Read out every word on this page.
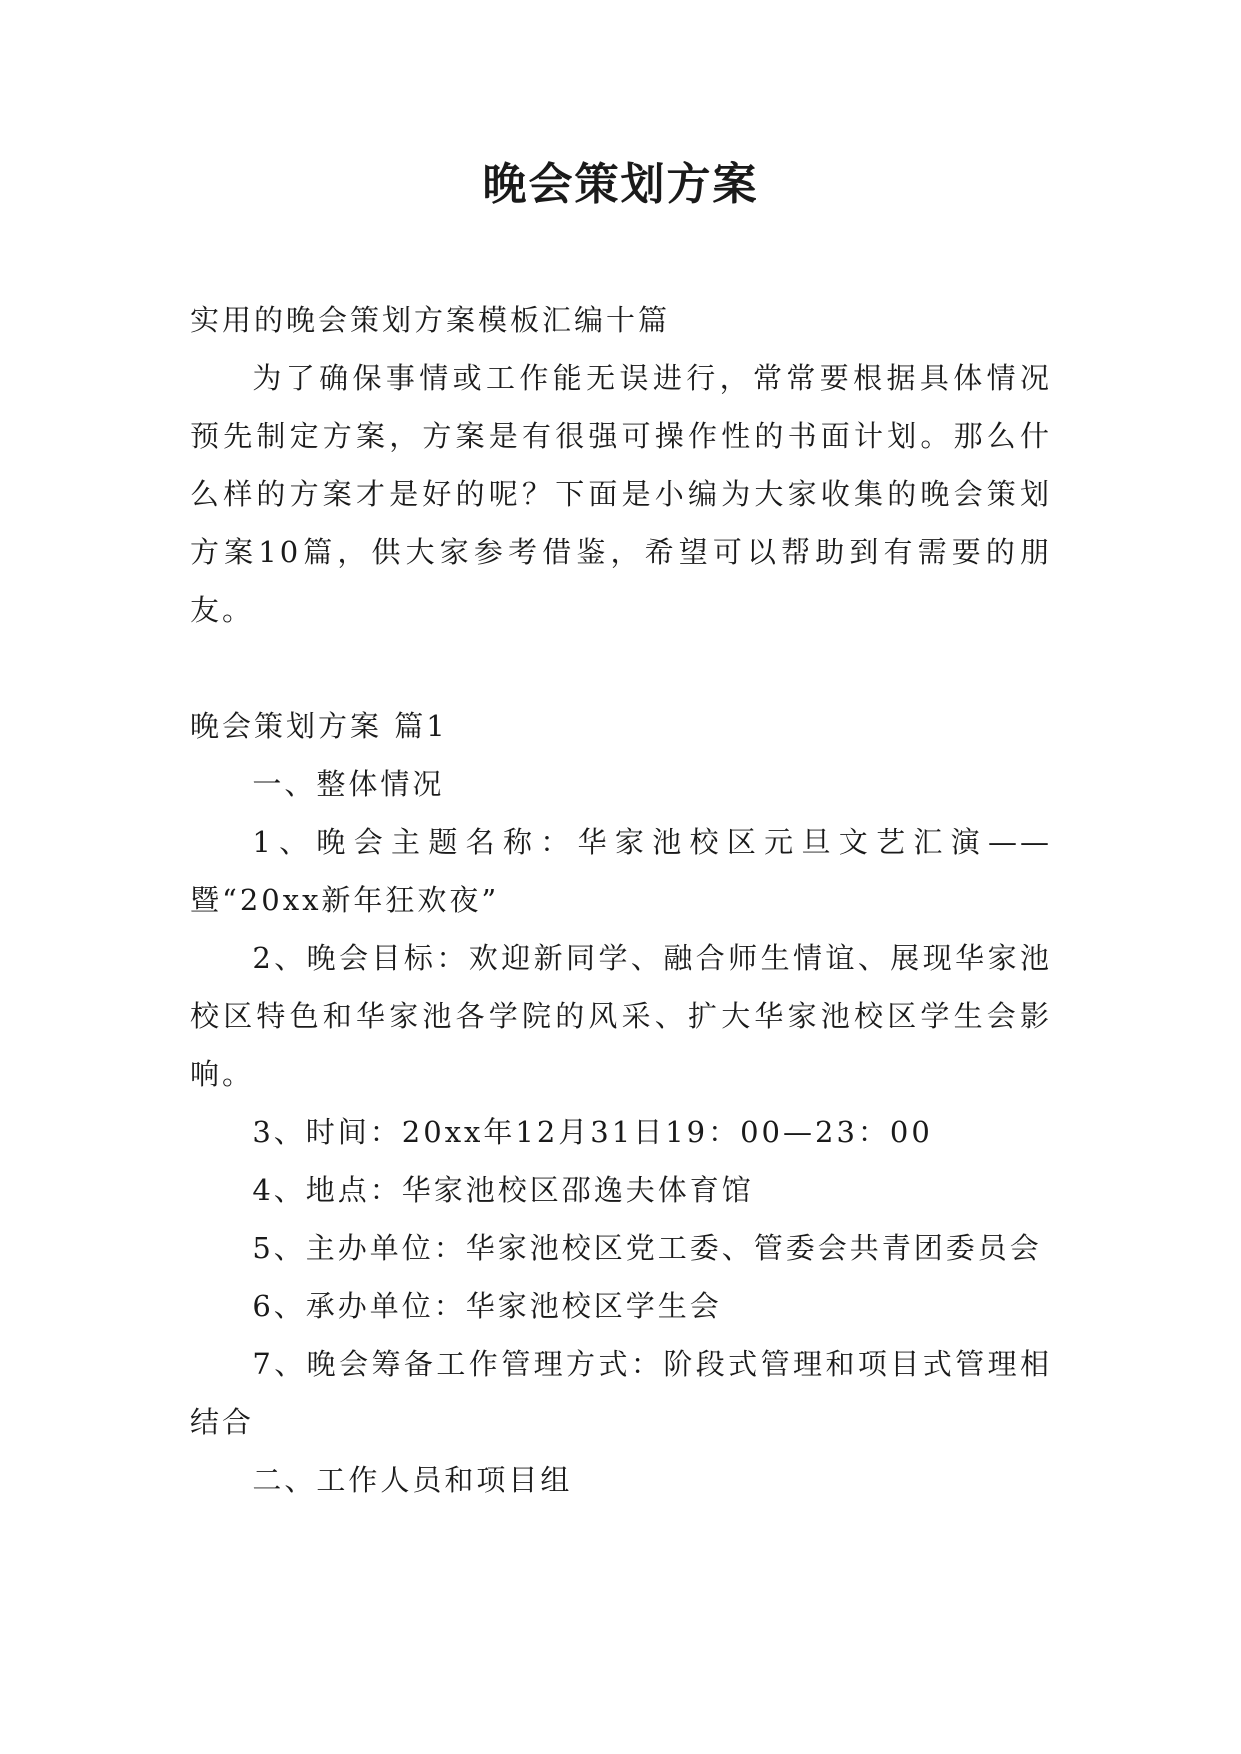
晚会策划方案

实用的晚会策划方案模板汇编十篇

为了确保事情或工作能无误进行，常常要根据具体情况预先制定方案，方案是有很强可操作性的书面计划。那么什么样的方案才是好的呢？下面是小编为大家收集的晚会策划方案10篇，供大家参考借鉴，希望可以帮助到有需要的朋友。

晚会策划方案 篇1

一、整体情况

1、晚会主题名称：华家池校区元旦文艺汇演——暨“20xx新年狂欢夜”

2、晚会目标：欢迎新同学、融合师生情谊、展现华家池校区特色和华家池各学院的风采、扩大华家池校区学生会影响。

3、时间：20xx年12月31日19：00—23：00

4、地点：华家池校区邵逸夫体育馆

5、主办单位：华家池校区党工委、管委会共青团委员会

6、承办单位：华家池校区学生会

7、晚会筹备工作管理方式：阶段式管理和项目式管理相结合

二、工作人员和项目组
